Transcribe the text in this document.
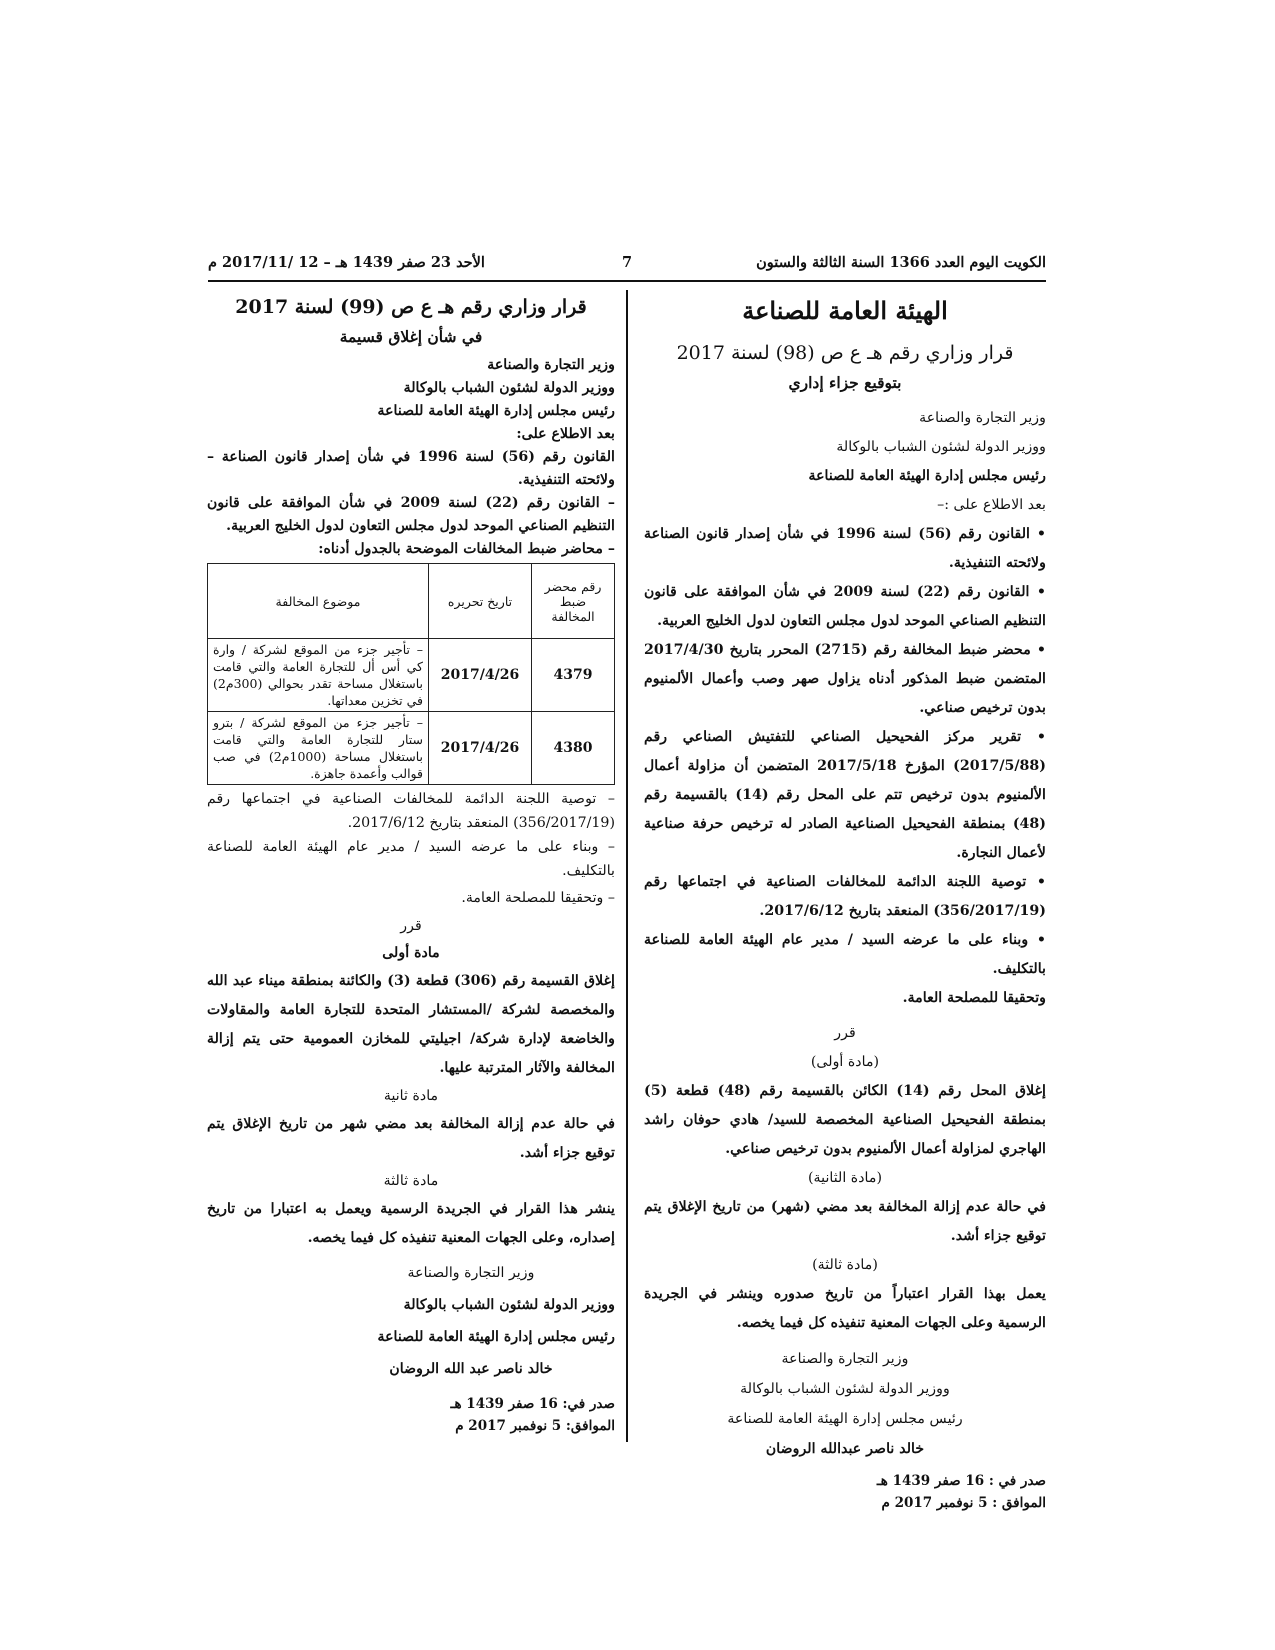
الكويت اليوم العدد 1366 السنة الثالثة والستون
7
الأحد 23 صفر 1439 هـ – 12 /2017/11 م

الهيئة العامة للصناعة

قرار وزاري رقم هـ ع ص (98) لسنة 2017

بتوقيع جزاء إداري

وزير التجارة والصناعة

ووزير الدولة لشئون الشباب بالوكالة

رئيس مجلس إدارة الهيئة العامة للصناعة

بعد الاطلاع على :–

• القانون رقم (56) لسنة 1996 في شأن إصدار قانون الصناعة ولائحته التنفيذية.

• القانون رقم (22) لسنة 2009 في شأن الموافقة على قانون التنظيم الصناعي الموحد لدول مجلس التعاون لدول الخليج العربية.

• محضر ضبط المخالفة رقم (2715) المحرر بتاريخ 2017/4/30 المتضمن ضبط المذكور أدناه يزاول صهر وصب وأعمال الألمنيوم بدون ترخيص صناعي.

• تقرير مركز الفحيحيل الصناعي للتفتيش الصناعي رقم (2017/5/88) المؤرخ 2017/5/18 المتضمن أن مزاولة أعمال الألمنيوم بدون ترخيص تتم على المحل رقم (14) بالقسيمة رقم (48) بمنطقة الفحيحيل الصناعية الصادر له ترخيص حرفة صناعية لأعمال النجارة.

• توصية اللجنة الدائمة للمخالفات الصناعية في اجتماعها رقم (356/2017/19) المنعقد بتاريخ 2017/6/12.

• وبناء على ما عرضه السيد / مدير عام الهيئة العامة للصناعة بالتكليف.

وتحقيقا للمصلحة العامة.

قرر

(مادة أولى)

إغلاق المحل رقم (14) الكائن بالقسيمة رقم (48) قطعة (5) بمنطقة الفحيحيل الصناعية المخصصة للسيد/ هادي حوفان راشد الهاجري لمزاولة أعمال الألمنيوم بدون ترخيص صناعي.

(مادة الثانية)

في حالة عدم إزالة المخالفة بعد مضي (شهر) من تاريخ الإغلاق يتم توقيع جزاء أشد.

(مادة ثالثة)

يعمل بهذا القرار اعتباراً من تاريخ صدوره وينشر في الجريدة الرسمية وعلى الجهات المعنية تنفيذه كل فيما يخصه.

وزير التجارة والصناعة

ووزير الدولة لشئون الشباب بالوكالة

رئيس مجلس إدارة الهيئة العامة للصناعة

خالد ناصر عبدالله الروضان

صدر في : 16 صفر 1439 هـ

الموافق : 5 نوفمبر 2017 م

قرار وزاري رقم هـ ع ص (99) لسنة 2017

في شأن إغلاق قسيمة

وزير التجارة والصناعة

ووزير الدولة لشئون الشباب بالوكالة

رئيس مجلس إدارة الهيئة العامة للصناعة

بعد الاطلاع على:

القانون رقم (56) لسنة 1996 في شأن إصدار قانون الصناعة – ولائحته التنفيذية.

– القانون رقم (22) لسنة 2009 في شأن الموافقة على قانون التنظيم الصناعي الموحد لدول مجلس التعاون لدول الخليج العربية.

– محاضر ضبط المخالفات الموضحة بالجدول أدناه:

رقم محضر ضبط المخالفة	تاريخ تحريره	موضوع المخالفة
4379	2017/4/26	– تأجير جزء من الموقع لشركة / وارة كي أس أل للتجارة العامة والتي قامت باستغلال مساحة تقدر بحوالي (300م2) في تخزين معداتها.
4380	2017/4/26	– تأجير جزء من الموقع لشركة / بترو ستار للتجارة العامة والتي قامت باستغلال مساحة (1000م2) في صب قوالب وأعمدة جاهزة.

– توصية اللجنة الدائمة للمخالفات الصناعية في اجتماعها رقم (356/2017/19) المنعقد بتاريخ 2017/6/12.

– وبناء على ما عرضه السيد / مدير عام الهيئة العامة للصناعة بالتكليف.

– وتحقيقا للمصلحة العامة.

قرر

مادة أولى

إغلاق القسيمة رقم (306) قطعة (3) والكائنة بمنطقة ميناء عبد الله والمخصصة لشركة /المستشار المتحدة للتجارة العامة والمقاولات والخاضعة لإدارة شركة/ اجيليتي للمخازن العمومية حتى يتم إزالة المخالفة والآثار المترتبة عليها.

مادة ثانية

في حالة عدم إزالة المخالفة بعد مضي شهر من تاريخ الإغلاق يتم توقيع جزاء أشد.

مادة ثالثة

ينشر هذا القرار في الجريدة الرسمية ويعمل به اعتبارا من تاريخ إصداره، وعلى الجهات المعنية تنفيذه كل فيما يخصه.

وزير التجارة والصناعة

ووزير الدولة لشئون الشباب بالوكالة

رئيس مجلس إدارة الهيئة العامة للصناعة

خالد ناصر عبد الله الروضان

صدر في: 16 صفر 1439 هـ

الموافق: 5 نوفمبر 2017 م
